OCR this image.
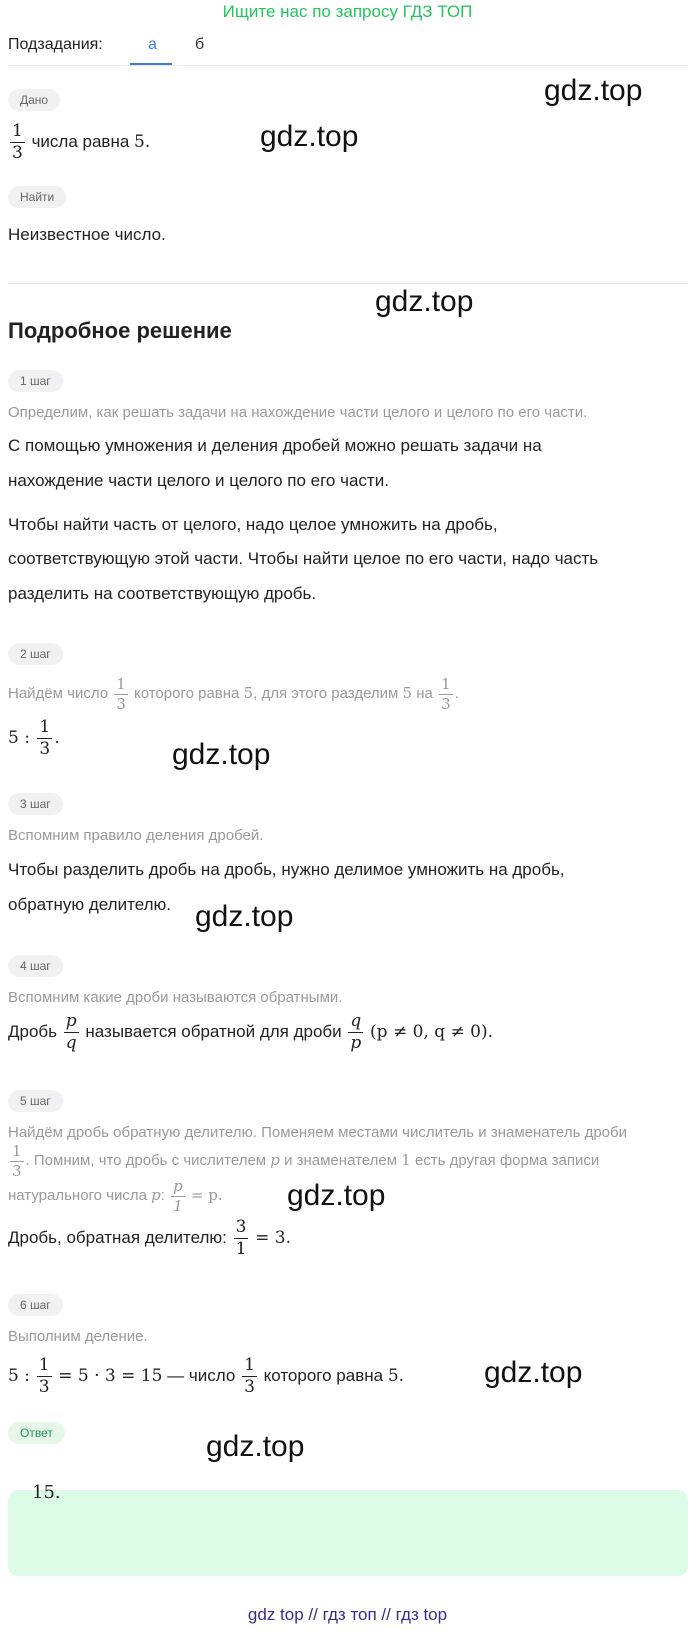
Ищите нас по запросу ГДЗ ТОП
Подзадания:	а б
gdz.top
gdz.top
gdz.top
gdz.top
gdz.top
gdz.top
gdz.top
gdz.top
Дано
$\frac{1}{3}$ числа равна 5.
Найти
Неизвестное число.
Подробное решение
1 шаг
Определим, как решать задачи на нахождение части целого и целого по его части.
С помощью умножения и деления дробей можно решать задачи на
нахождение части целого и целого по его части.
Чтобы найти часть от целого, надо целое умножить на дробь,
соответствующую этой части. Чтобы найти целое по его части, надо часть
разделить на соответствующую дробь.
2 шаг
Найдём число $\frac{1}{3}$ которого равна 5, для этого разделим 5 на $\frac{1}{3}$ .
5 : $\frac{1}{3}$ .
3 шаг
Вспомним правило деления дробей.
Чтобы разделить дробь на дробь, нужно делимое умножить на дробь,
обратную делителю.
4 шаг
Вспомним какие дроби называются обратными.
Дробь $\frac{p}{q}$ называется обратной для дроби $\frac{q}{p} (p \ne 0$, q ≠ 0).
5 шаг
Найдём дробь обратную делителю. Поменяем местами числитель и знаменатель дроби
$\frac{1}{3}$ . Помним, что дробь с числителем p и знаменателем 1 есть другая форма записи
натурального числа p: $\frac{p}{1} = p$.
Дробь, обратная делителю: $\frac{3}{1} = 3$.
6 шаг
Выполним деление.
5 : $\frac{1}{3} = 5 \cdot 3 = 15$ — число $\frac{1}{3}$ которого равна 5.
Ответ
15.
gdz top // гдз топ // гдз top
